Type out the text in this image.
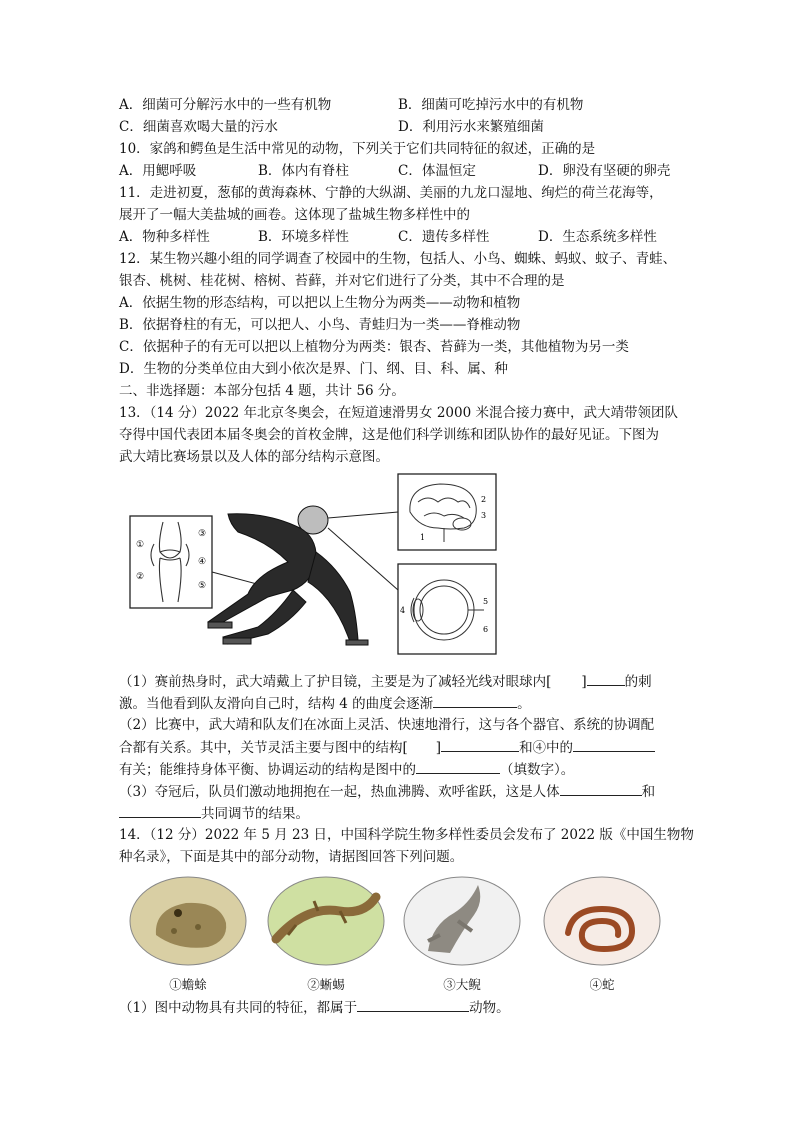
A．细菌可分解污水中的一些有机物	B．细菌可吃掉污水中的有机物
C．细菌喜欢喝大量的污水	D．利用污水来繁殖细菌
10．家鸽和鳄鱼是生活中常见的动物，下列关于它们共同特征的叙述，正确的是
A．用鳃呼吸	B．体内有脊柱	C．体温恒定	D．卵没有坚硬的卵壳
11．走进初夏，葱郁的黄海森林、宁静的大纵湖、美丽的九龙口湿地、绚烂的荷兰花海等，
展开了一幅大美盐城的画卷。这体现了盐城生物多样性中的
A．物种多样性	B．环境多样性	C．遗传多样性	D．生态系统多样性
12．某生物兴趣小组的同学调查了校园中的生物，包括人、小鸟、蜘蛛、蚂蚁、蚊子、青蛙、
银杏、桃树、桂花树、榕树、苔藓，并对它们进行了分类，其中不合理的是
A．依据生物的形态结构，可以把以上生物分为两类——动物和植物
B．依据脊柱的有无，可以把人、小鸟、青蛙归为一类——脊椎动物
C．依据种子的有无可以把以上植物分为两类：银杏、苔藓为一类，其他植物为另一类
D．生物的分类单位由大到小依次是界、门、纲、目、科、属、种
二、非选择题：本部分包括 4 题，共计 56 分。
13．（14 分）2022 年北京冬奥会，在短道速滑男女 2000 米混合接力赛中，武大靖带领团队
夺得中国代表团本届冬奥会的首枚金牌，这是他们科学训练和团队协作的最好见证。下图为
武大靖比赛场景以及人体的部分结构示意图。
①
②
③
④
⑤
2
3
1
4
5
6
（1）赛前热身时，武大靖戴上了护目镜，主要是为了减轻光线对眼球内[ ]	的刺
激。当他看到队友滑向自己时，结构 4 的曲度会逐渐	。
（2）比赛中，武大靖和队友们在冰面上灵活、快速地滑行，这与各个器官、系统的协调配
合都有关系。其中，关节灵活主要与图中的结构[ ]	和④中的
有关；能维持身体平衡、协调运动的结构是图中的	（填数字）。
（3）夺冠后，队员们激动地拥抱在一起，热血沸腾、欢呼雀跃，这是人体	和
共同调节的结果。
14．（12 分）2022 年 5 月 23 日，中国科学院生物多样性委员会发布了 2022 版《中国生物物
种名录》，下面是其中的部分动物，请据图回答下列问题。
①蟾蜍	②蜥蜴	③大鲵	④蛇
（1）图中动物具有共同的特征，都属于	动物。
